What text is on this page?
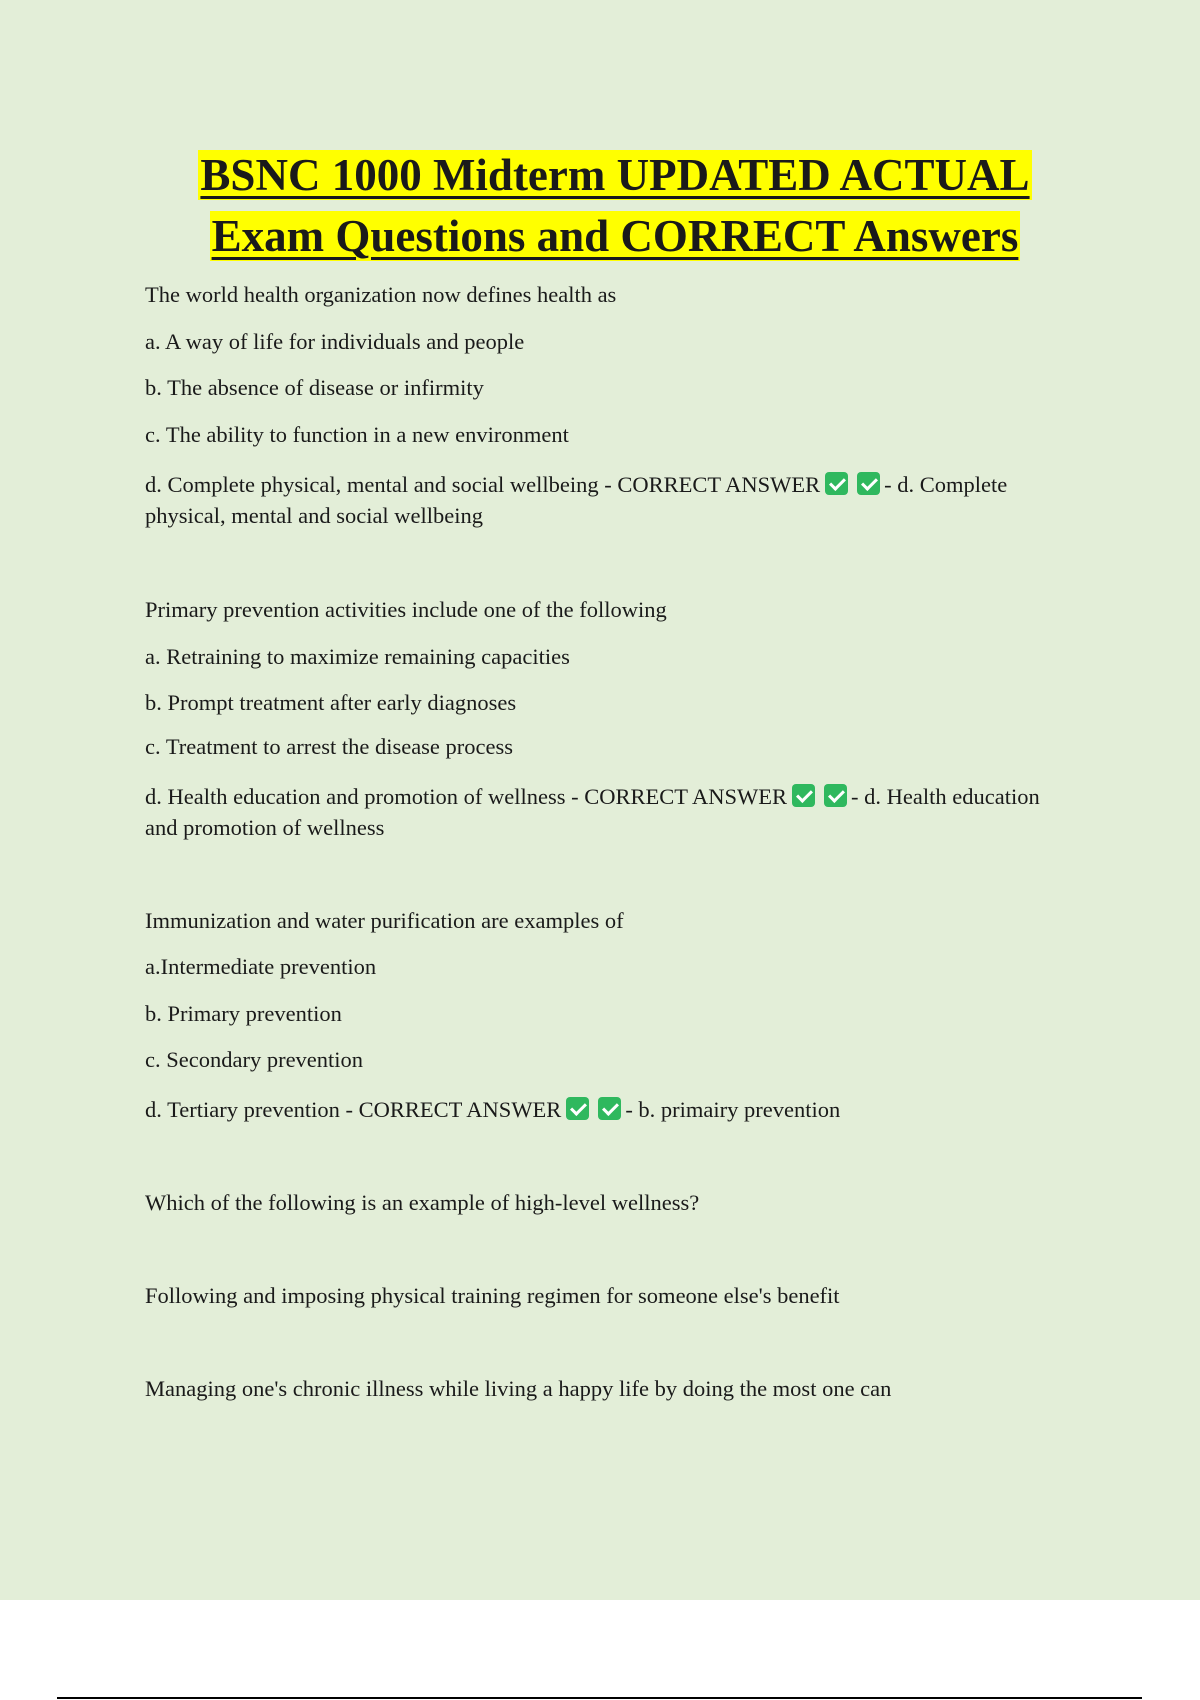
BSNC 1000 Midterm UPDATED ACTUAL
Exam Questions and CORRECT Answers
The world health organization now defines health as
a. A way of life for individuals and people
b. The absence of disease or infirmity
c. The ability to function in a new environment
d. Complete physical, mental and social wellbeing - CORRECT ANSWER	- d. Complete physical, mental and social wellbeing
Primary prevention activities include one of the following
a. Retraining to maximize remaining capacities
b. Prompt treatment after early diagnoses
c. Treatment to arrest the disease process
d. Health education and promotion of wellness - CORRECT ANSWER	- d. Health education and promotion of wellness
Immunization and water purification are examples of
a.Intermediate prevention
b. Primary prevention
c. Secondary prevention
d. Tertiary prevention - CORRECT ANSWER	- b. primairy prevention
Which of the following is an example of high-level wellness?
Following and imposing physical training regimen for someone else's benefit
Managing one's chronic illness while living a happy life by doing the most one can
